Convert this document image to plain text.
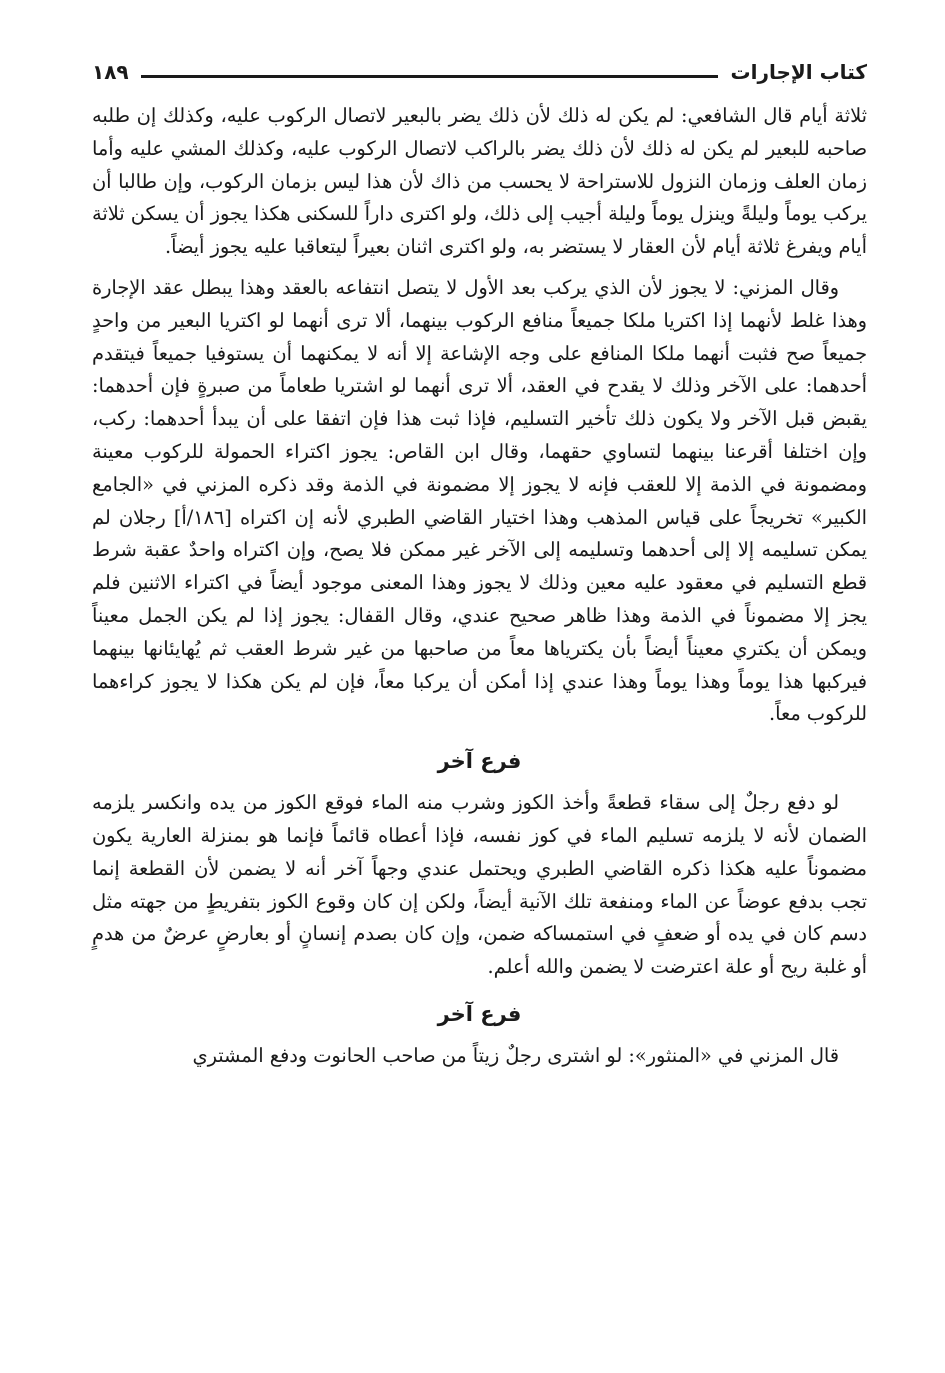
كتاب الإجارات
١٨٩

ثلاثة أيام قال الشافعي: لم يكن له ذلك لأن ذلك يضر بالبعير لاتصال الركوب عليه، وكذلك إن طلبه صاحبه للبعير لم يكن له ذلك لأن ذلك يضر بالراكب لاتصال الركوب عليه، وكذلك المشي عليه وأما زمان العلف وزمان النزول للاستراحة لا يحسب من ذاك لأن هذا ليس بزمان الركوب، وإن طالبا أن يركب يوماً وليلةً وينزل يوماً وليلة أجيب إلى ذلك، ولو اكترى داراً للسكنى هكذا يجوز أن يسكن ثلاثة أيام ويفرغ ثلاثة أيام لأن العقار لا يستضر به، ولو اكترى اثنان بعيراً ليتعاقبا عليه يجوز أيضاً.

وقال المزني: لا يجوز لأن الذي يركب بعد الأول لا يتصل انتفاعه بالعقد وهذا يبطل عقد الإجارة وهذا غلط لأنهما إذا اكتريا ملكا جميعاً منافع الركوب بينهما، ألا ترى أنهما لو اكتريا البعير من واحدٍ جميعاً صح فثبت أنهما ملكا المنافع على وجه الإشاعة إلا أنه لا يمكنهما أن يستوفيا جميعاً فيتقدم أحدهما: على الآخر وذلك لا يقدح في العقد، ألا ترى أنهما لو اشتريا طعاماً من صبرةٍ فإن أحدهما: يقبض قبل الآخر ولا يكون ذلك تأخير التسليم، فإذا ثبت هذا فإن اتفقا على أن يبدأ أحدهما: ركب، وإن اختلفا أقرعنا بينهما لتساوي حقهما، وقال ابن القاص: يجوز اكتراء الحمولة للركوب معينة ومضمونة في الذمة إلا للعقب فإنه لا يجوز إلا مضمونة في الذمة وقد ذكره المزني في «الجامع الكبير» تخريجاً على قياس المذهب وهذا اختيار القاضي الطبري لأنه إن اكتراه [١٨٦/أ] رجلان لم يمكن تسليمه إلا إلى أحدهما وتسليمه إلى الآخر غير ممكن فلا يصح، وإن اكتراه واحدٌ عقبة شرط قطع التسليم في معقود عليه معين وذلك لا يجوز وهذا المعنى موجود أيضاً في اكتراء الاثنين فلم يجز إلا مضموناً في الذمة وهذا ظاهر صحيح عندي، وقال القفال: يجوز إذا لم يكن الجمل معيناً ويمكن أن يكتري معيناً أيضاً بأن يكترياها معاً من صاحبها من غير شرط العقب ثم يُهايئانها بينهما فيركبها هذا يوماً وهذا يوماً وهذا عندي إذا أمكن أن يركبا معاً، فإن لم يكن هكذا لا يجوز كراءهما للركوب معاً.

فرع آخر

لو دفع رجلٌ إلى سقاء قطعةً وأخذ الكوز وشرب منه الماء فوقع الكوز من يده وانكسر يلزمه الضمان لأنه لا يلزمه تسليم الماء في كوز نفسه، فإذا أعطاه قائماً فإنما هو بمنزلة العارية يكون مضموناً عليه هكذا ذكره القاضي الطبري ويحتمل عندي وجهاً آخر أنه لا يضمن لأن القطعة إنما تجب بدفع عوضاً عن الماء ومنفعة تلك الآنية أيضاً، ولكن إن كان وقوع الكوز بتفريطٍ من جهته مثل دسم كان في يده أو ضعفٍ في استمساكه ضمن، وإن كان بصدم إنسانٍ أو بعارضٍ عرضٌ من هدمٍ أو غلبة ريح أو علة اعترضت لا يضمن والله أعلم.

فرع آخر

قال المزني في «المنثور»: لو اشترى رجلٌ زيتاً من صاحب الحانوت ودفع المشتري
